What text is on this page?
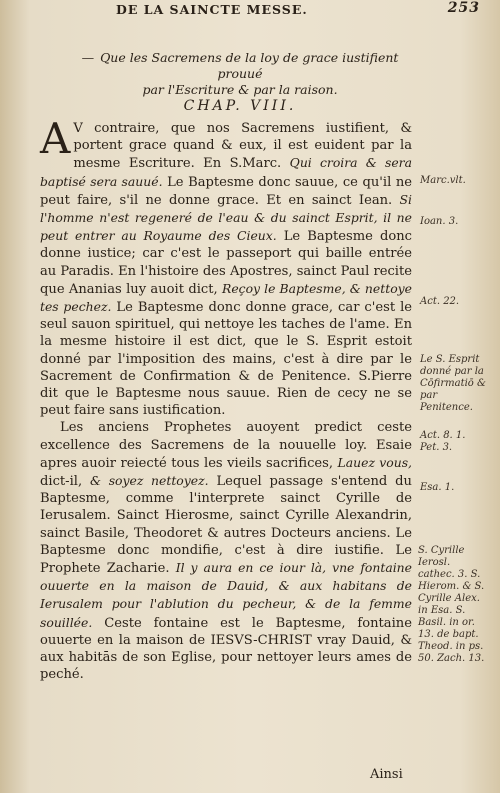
DE LA SAINCTE MESSE.	253
— Que les Sacremens de la loy de grace iustifient prouué
par l'Escriture & par la raison.
CHAP. VIII.

A V contraire, que nos Sacremens iustifient, & portent grace quand & eux, il est euident par la mesme Escriture. En S.Marc. Qui croira & sera baptisé sera sauué. Le Baptesme donc sauue, ce qu'il ne peut faire, s'il ne donne grace. Et en sainct Iean. Si l'homme n'est regeneré de l'eau & du sainct Esprit, il ne peut entrer au Royaume des Cieux. Le Baptesme donc donne iustice; car c'est le passeport qui baille entrée au Paradis. En l'histoire des Apostres, sainct Paul recite que Ananias luy auoit dict, Reçoy le Baptesme, & nettoye tes pechez. Le Baptesme donc donne grace, car c'est le seul sauon spirituel, qui nettoye les taches de l'ame. En la mesme histoire il est dict, que le S. Esprit estoit donné par l'imposition des mains, c'est à dire par le Sacrement de Confirmation & de Penitence. S.Pierre dit que le Baptesme nous sauue. Rien de cecy ne se peut faire sans iustification.

Les anciens Prophetes auoyent predict ceste excellence des Sacremens de la nouuelle loy. Esaie apres auoir reiecté tous les vieils sacrifices, Lauez vous, dict-il, & soyez nettoyez. Lequel passage s'entend du Baptesme, comme l'interprete sainct Cyrille de Ierusalem. Sainct Hierosme, sainct Cyrille Alexandrin, sainct Basile, Theodoret & autres Docteurs anciens. Le Baptesme donc mondifie, c'est à dire iustifie. Le Prophete Zacharie. Il y aura en ce iour là, vne fontaine ouuerte en la maison de Dauid, & aux habitans de Ierusalem pour l'ablution du pecheur, & de la femme souillée. Ceste fontaine est le Baptesme, fontaine ouuerte en la maison de IESVS-CHRIST vray Dauid, & aux habitās de son Eglise, pour nettoyer leurs ames de peché.

Marc.vlt.
Ioan. 3.
Act. 22.
Le S. Esprit donné par la Cōfirmatiō & par Penitence.
Act. 8. 1. Pet. 3.
Esa. 1.
S. Cyrille Ierosl. cathec. 3. S. Hierom. & S. Cyrille Alex. in Esa. S. Basil. in or. 13. de bapt. Theod. in ps. 50. Zach. 13.
Ainsi
